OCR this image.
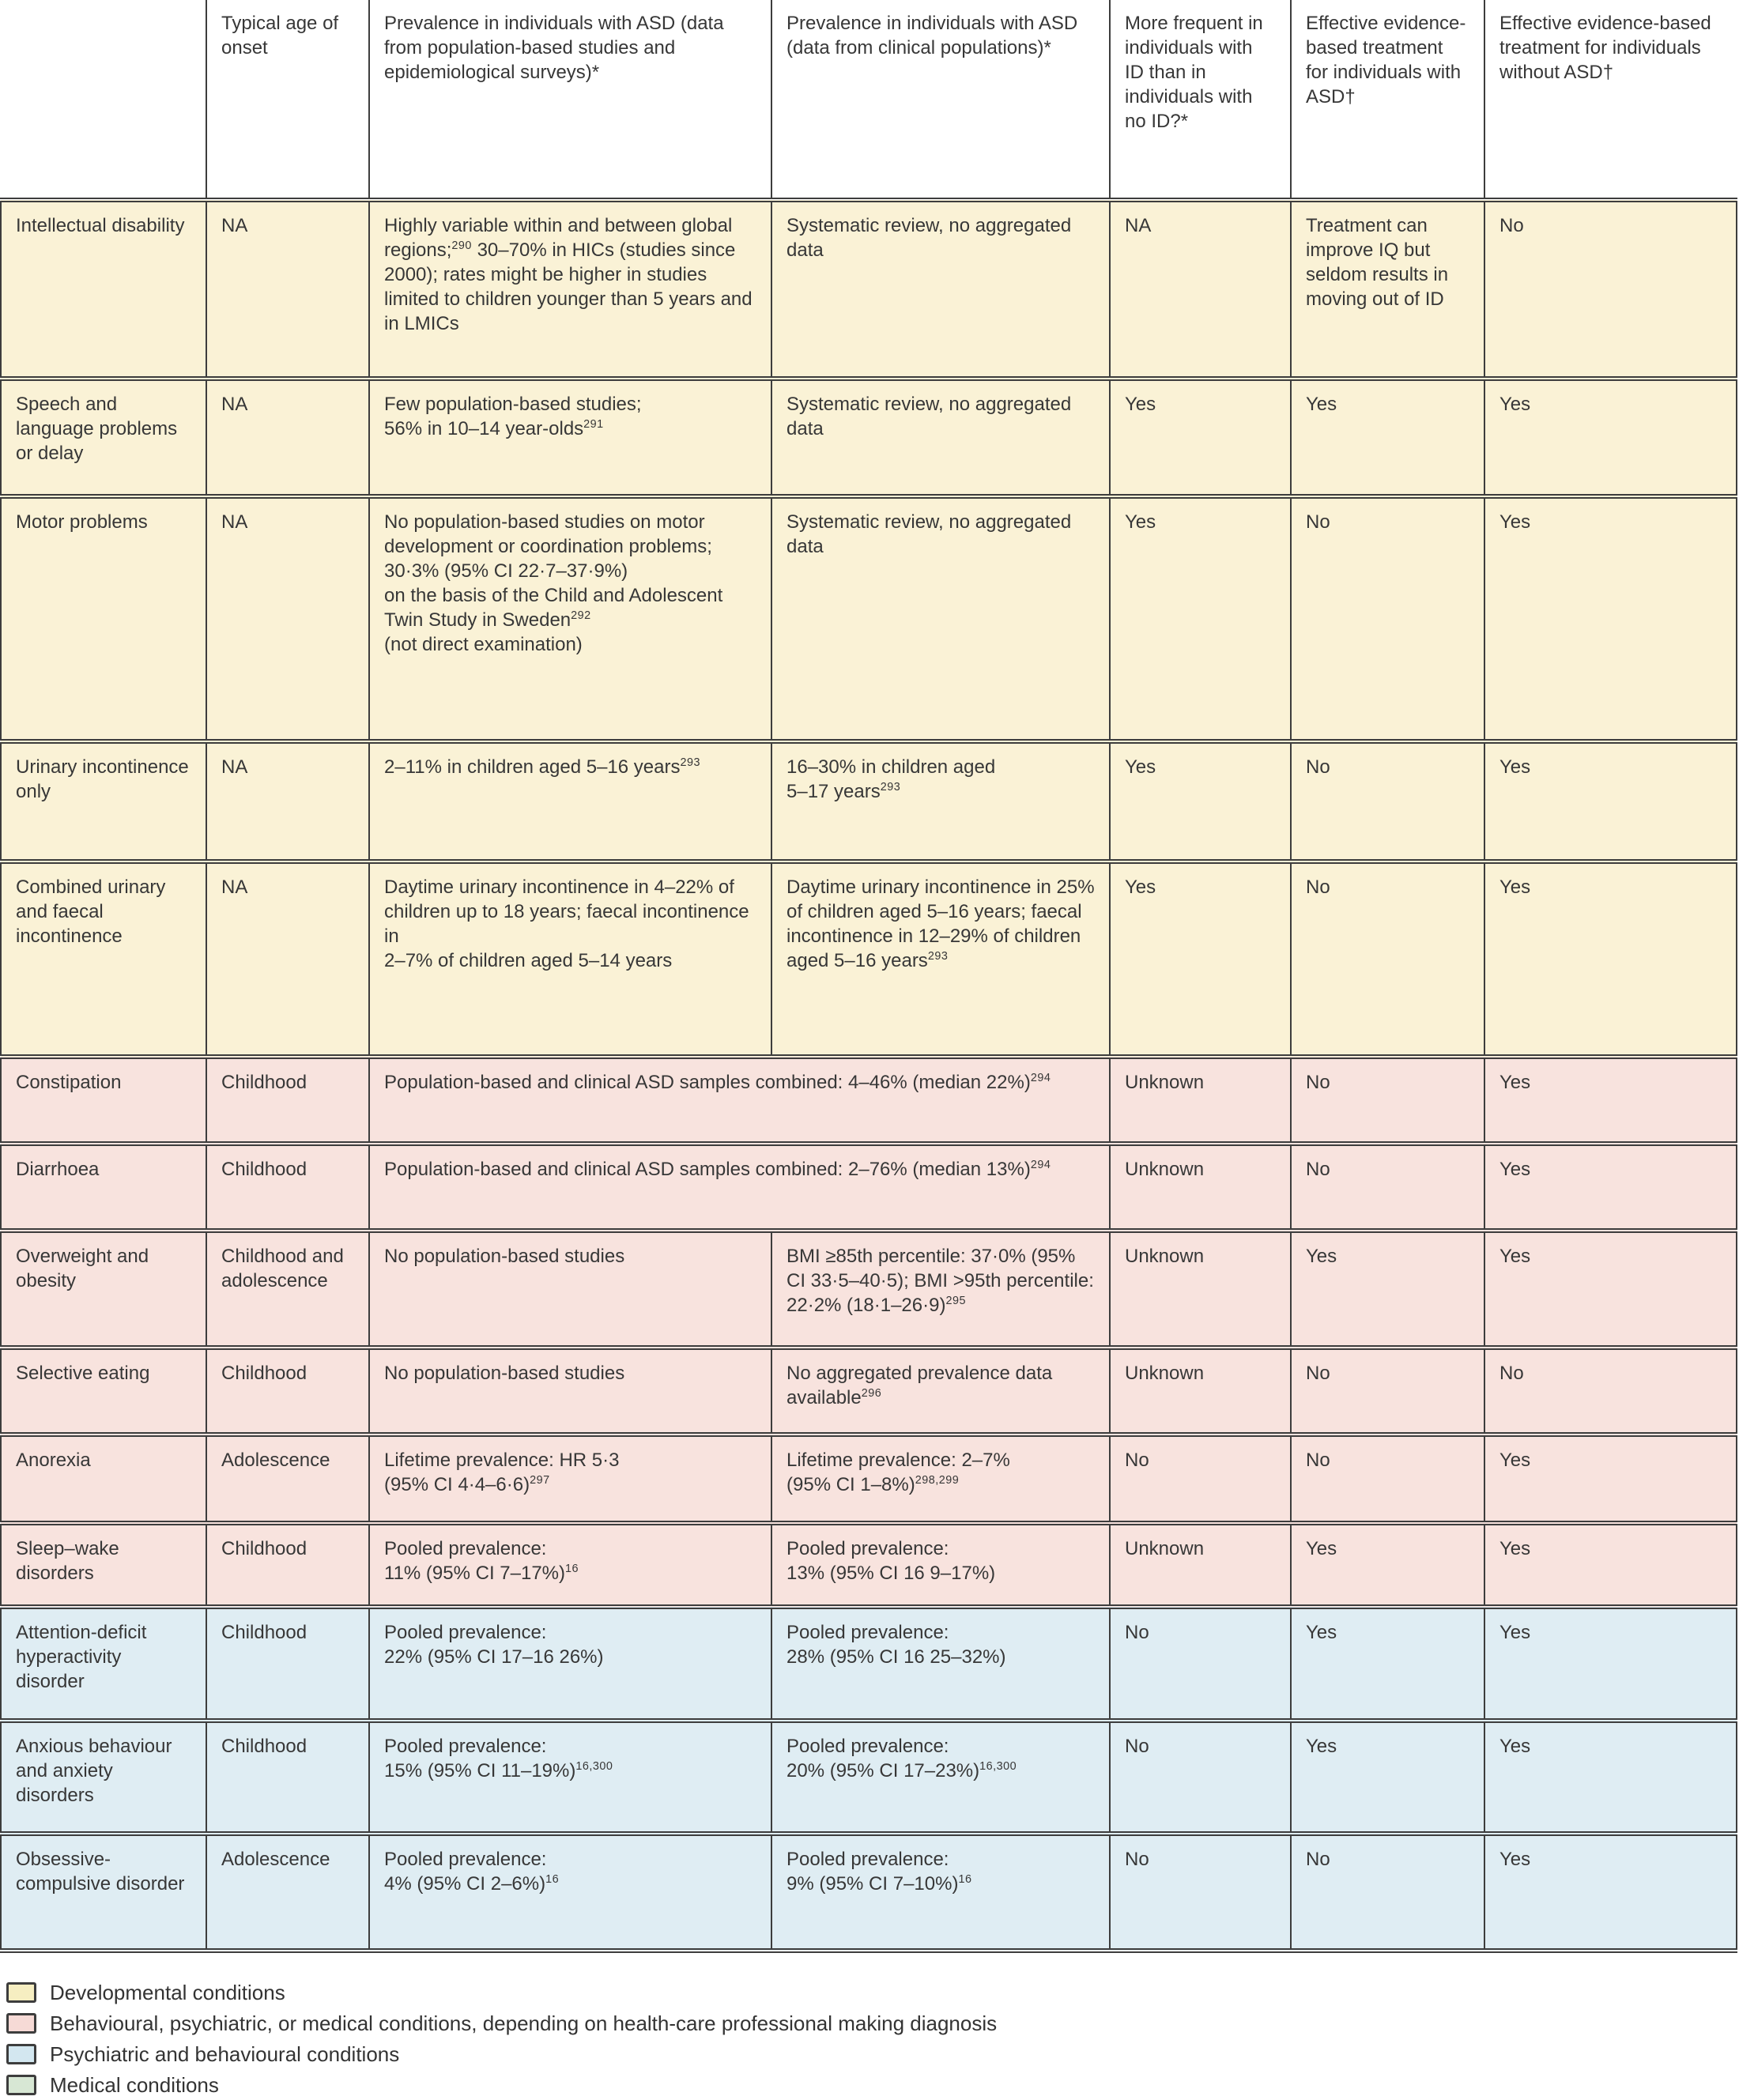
	Typical age of onset	Prevalence in individuals with ASD (data from population-based studies and epidemiological surveys)*	Prevalence in individuals with ASD (data from clinical populations)*	More frequent in individuals with ID than in individuals with no ID?*	Effective evidence-based treatment for individuals with ASD†	Effective evidence-based treatment for individuals without ASD†
Intellectual disability	NA	Highly variable within and between global regions;$^{290}$ 30–70% in HICs (studies since 2000); rates might be higher in studies limited to children younger than 5 years and in LMICs	Systematic review, no aggregated data	NA	Treatment can improve IQ but seldom results in moving out of ID	No
Speech and language problems or delay	NA	Few population-based studies;
56% in 10–14 year-olds$^{291}$	Systematic review, no aggregated data	Yes	Yes	Yes
Motor problems	NA	No population-based studies on motor development or coordination problems;
30·3% (95% CI 22·7–37·9%)
on the basis of the Child and Adolescent Twin Study in Sweden$^{292}$
(not direct examination)	Systematic review, no aggregated data	Yes	No	Yes
Urinary incontinence only	NA	2–11% in children aged 5–16 years$^{293}$	16–30% in children aged
5–17 years$^{293}$	Yes	No	Yes
Combined urinary and faecal incontinence	NA	Daytime urinary incontinence in 4–22% of children up to 18 years; faecal incontinence in
2–7% of children aged 5–14 years	Daytime urinary incontinence in 25% of children aged 5–16 years; faecal incontinence in 12–29% of children aged 5–16 years$^{293}$	Yes	No	Yes
Constipation	Childhood	Population-based and clinical ASD samples combined: 4–46% (median 22%)$^{294}$		Unknown	No	Yes
Diarrhoea	Childhood	Population-based and clinical ASD samples combined: 2–76% (median 13%)$^{294}$		Unknown	No	Yes
Overweight and obesity	Childhood and adolescence	No population-based studies	BMI ≥85th percentile: 37·0% (95% CI 33·5–40·5); BMI >95th percentile: 22·2% $(18\cdot 1-26\cdot 9)^{295}$	Unknown	Yes	Yes
Selective eating	Childhood	No population-based studies	No aggregated prevalence data available$^{296}$	Unknown	No	No
Anorexia	Adolescence	Lifetime prevalence: HR 5·3
(95% CI 4·4–6·6)$^{297}$	Lifetime prevalence: 2–7%
(95% CI 1–8%)$^{298,299}$	No	No	Yes
Sleep–wake disorders	Childhood	Pooled prevalence:
11% (95% CI 7–17%)$^{16}$	Pooled prevalence:
13% (95% CI 16 9–17%)	Unknown	Yes	Yes
Attention-deficit hyperactivity disorder	Childhood	Pooled prevalence:
22% (95% CI 17–16 26%)	Pooled prevalence:
28% (95% CI 16 25–32%)	No	Yes	Yes
Anxious behaviour and anxiety disorders	Childhood	Pooled prevalence:
15% (95% CI 11–19%)$^{16,300}$	Pooled prevalence:
20% (95% CI 17–23%)$^{16,300}$	No	Yes	Yes
Obsessive-compulsive disorder	Adolescence	Pooled prevalence:
4% (95% CI 2–6%)$^{16}$	Pooled prevalence:
9% (95% CI 7–10%)$^{16}$	No	No	Yes
Developmental conditions
Behavioural, psychiatric, or medical conditions, depending on health-care professional making diagnosis
Psychiatric and behavioural conditions
Medical conditions
